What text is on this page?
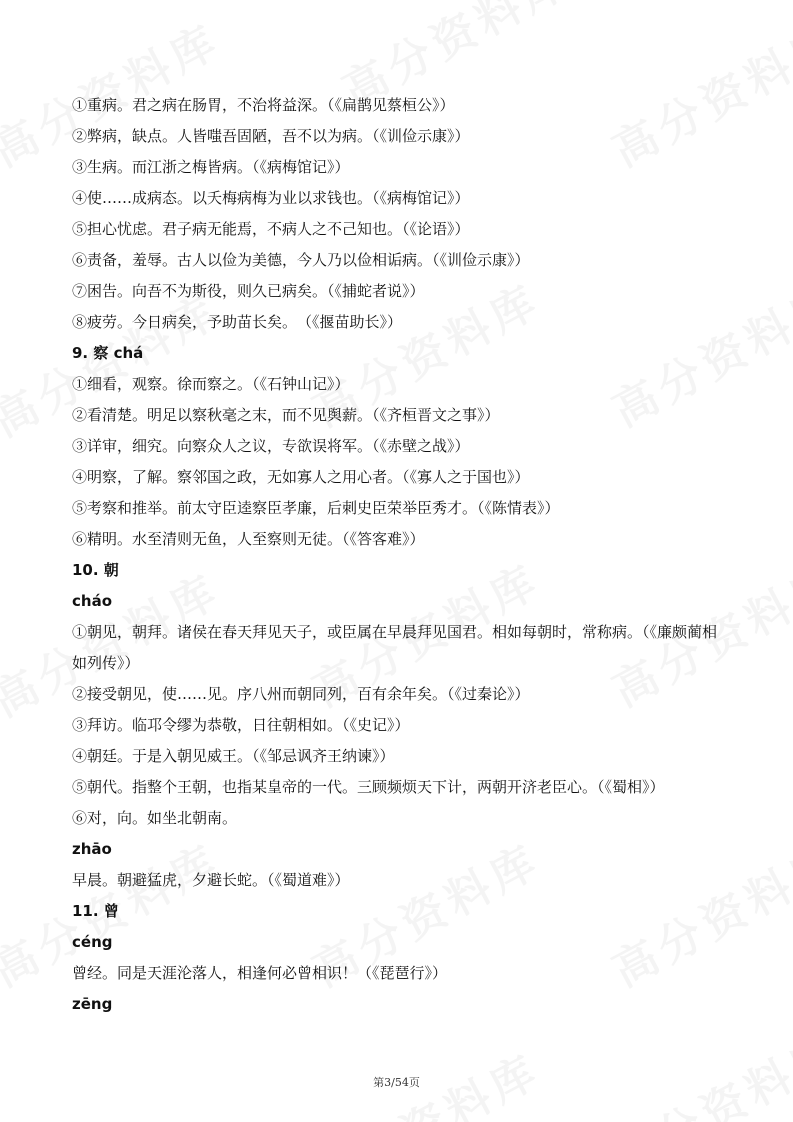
①重病。君之病在肠胃，不治将益深。（《扁鹊见蔡桓公》）
②弊病，缺点。人皆嗤吾固陋，吾不以为病。（《训俭示康》）
③生病。而江浙之梅皆病。（《病梅馆记》）
④使……成病态。以夭梅病梅为业以求钱也。（《病梅馆记》）
⑤担心忧虑。君子病无能焉，不病人之不己知也。（《论语》）
⑥责备，羞辱。古人以俭为美德，今人乃以俭相诟病。（《训俭示康》）
⑦困告。向吾不为斯役，则久已病矣。（《捕蛇者说》）
⑧疲劳。今日病矣，予助苗长矣。　（《揠苗助长》）
9. 察 chá
①细看，观察。徐而察之。（《石钟山记》）
②看清楚。明足以察秋毫之末，而不见舆薪。（《齐桓晋文之事》）
③详审，细究。向察众人之议，专欲误将军。（《赤壁之战》）
④明察，了解。察邻国之政，无如寡人之用心者。（《寡人之于国也》）
⑤考察和推举。前太守臣逵察臣孝廉，后刺史臣荣举臣秀才。（《陈情表》）
⑥精明。水至清则无鱼，人至察则无徒。（《答客难》）
10. 朝
cháo
①朝见，朝拜。诸侯在春天拜见天子，或臣属在早晨拜见国君。相如每朝时，常称病。（《廉颇蔺相如列传》）
②接受朝见，使……见。序八州而朝同列，百有余年矣。（《过秦论》）
③拜访。临邛令缪为恭敬，日往朝相如。（《史记》）
④朝廷。于是入朝见威王。（《邹忌讽齐王纳谏》）
⑤朝代。指整个王朝，也指某皇帝的一代。三顾频烦天下计，两朝开济老臣心。（《蜀相》）
⑥对，向。如坐北朝南。
zhāo
早晨。朝避猛虎，夕避长蛇。（《蜀道难》）
11. 曾
céng
曾经。同是天涯沦落人，相逢何必曾相识！（《琵琶行》）
zēng
第3/54页
